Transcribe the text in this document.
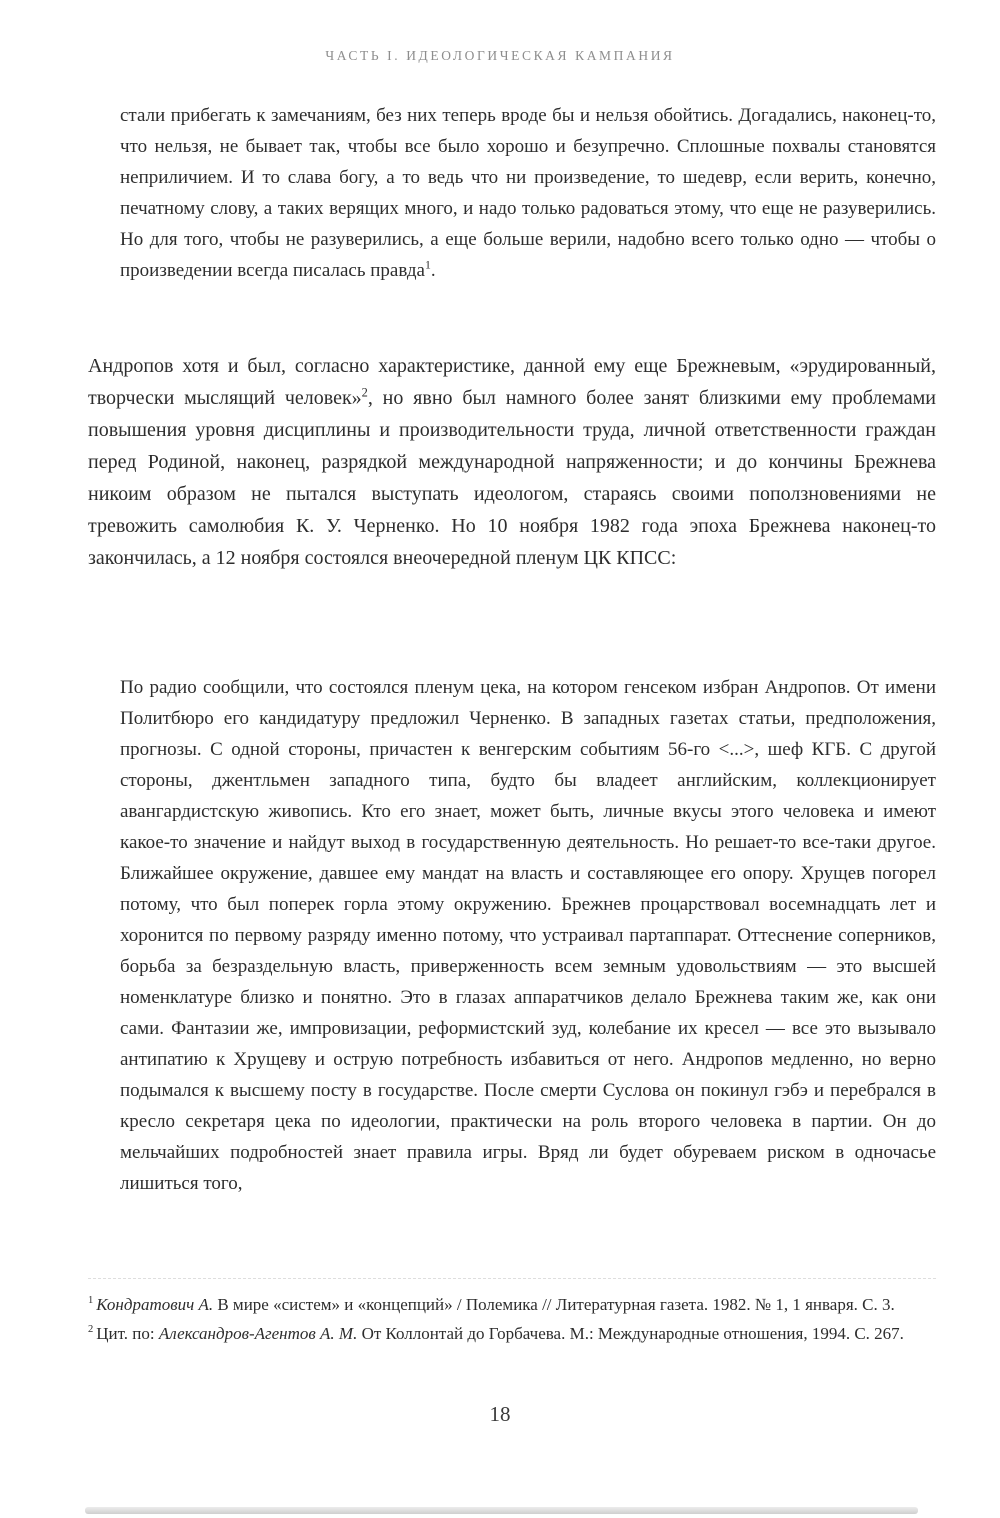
ЧАСТЬ I. ИДЕОЛОГИЧЕСКАЯ КАМПАНИЯ
стали прибегать к замечаниям, без них теперь вроде бы и нельзя обойтись. Догадались, наконец-то, что нельзя, не бывает так, чтобы все было хорошо и безупречно. Сплошные похвалы становятся неприличием. И то слава богу, а то ведь что ни произведение, то шедевр, если верить, конечно, печатному слову, а таких верящих много, и надо только радоваться этому, что еще не разуверились. Но для того, чтобы не разуверились, а еще больше верили, надобно всего только одно — чтобы о произведении всегда писалась правда$^1$.
Андропов хотя и был, согласно характеристике, данной ему еще Брежневым, «эрудированный, творчески мыслящий человек»$^2$, но явно был намного более занят близкими ему проблемами повышения уровня дисциплины и производительности труда, личной ответственности граждан перед Родиной, наконец, разрядкой международной напряженности; и до кончины Брежнева никоим образом не пытался выступать идеологом, стараясь своими поползновениями не тревожить самолюбия К. У. Черненко. Но 10 ноября 1982 года эпоха Брежнева наконец-то закончилась, а 12 ноября состоялся внеочередной пленум ЦК КПСС:
По радио сообщили, что состоялся пленум цека, на котором генсеком избран Андропов. От имени Политбюро его кандидатуру предложил Черненко. В западных газетах статьи, предположения, прогнозы. С одной стороны, причастен к венгерским событиям 56-го <...>, шеф КГБ. С другой стороны, джентльмен западного типа, будто бы владеет английским, коллекционирует авангардистскую живопись. Кто его знает, может быть, личные вкусы этого человека и имеют какое-то значение и найдут выход в государственную деятельность. Но решает-то все-таки другое. Ближайшее окружение, давшее ему мандат на власть и составляющее его опору. Хрущев погорел потому, что был поперек горла этому окружению. Брежнев процарствовал восемнадцать лет и хоронится по первому разряду именно потому, что устраивал партаппарат. Оттеснение соперников, борьба за безраздельную власть, приверженность всем земным удовольствиям — это высшей номенклатуре близко и понятно. Это в глазах аппаратчиков делало Брежнева таким же, как они сами. Фантазии же, импровизации, реформистский зуд, колебание их кресел — все это вызывало антипатию к Хрущеву и острую потребность избавиться от него. Андропов медленно, но верно подымался к высшему посту в государстве. После смерти Суслова он покинул гэбэ и перебрался в кресло секретаря цека по идеологии, практически на роль второго человека в партии. Он до мельчайших подробностей знает правила игры. Вряд ли будет обуреваем риском в одночасье лишиться того,
$^1$ Кондратович А. В мире «систем» и «концепций» / Полемика // Литературная газета. 1982. № 1, 1 января. С. 3.
$^2$ Цит. по: Александров-Агентов А. М. От Коллонтай до Горбачева. М.: Международные отношения, 1994. С. 267.
18
